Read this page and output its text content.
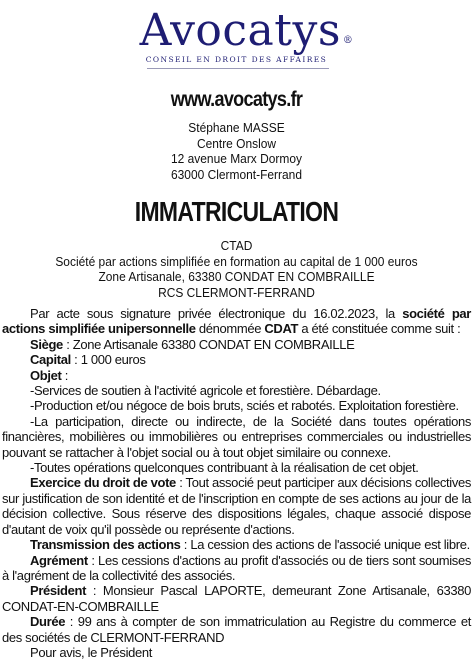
Avocatys ®
CONSEIL EN DROIT DES AFFAIRES
www.avocatys.fr
Stéphane MASSE
Centre Onslow
12 avenue Marx Dormoy
63000 Clermont-Ferrand
IMMATRICULATION
CTAD
Société par actions simplifiée en formation au capital de 1 000 euros
Zone Artisanale, 63380 CONDAT EN COMBRAILLE
RCS CLERMONT-FERRAND

Par acte sous signature privée électronique du 16.02.2023, la société par actions simplifiée unipersonnelle dénommée CDAT a été constituée comme suit :

Siège : Zone Artisanale 63380 CONDAT EN COMBRAILLE

Capital : 1 000 euros

Objet :

-Services de soutien à l'activité agricole et forestière. Débardage.

-Production et/ou négoce de bois bruts, sciés et rabotés. Exploitation forestière.

-La participation, directe ou indirecte, de la Société dans toutes opérations financières, mobilières ou immobilières ou entreprises commerciales ou industrielles pouvant se rattacher à l'objet social ou à tout objet similaire ou connexe.

-Toutes opérations quelconques contribuant à la réalisation de cet objet.

Exercice du droit de vote : Tout associé peut participer aux décisions collectives sur justification de son identité et de l'inscription en compte de ses actions au jour de la décision collective. Sous réserve des dispositions légales, chaque associé dispose d'autant de voix qu'il possède ou représente d'actions.

Transmission des actions : La cession des actions de l'associé unique est libre.

Agrément : Les cessions d'actions au profit d'associés ou de tiers sont soumises à l'agrément de la collectivité des associés.

Président : Monsieur Pascal LAPORTE, demeurant Zone Artisanale, 63380 CONDAT-EN-COMBRAILLE

Durée : 99 ans à compter de son immatriculation au Registre du commerce et des sociétés de CLERMONT-FERRAND

Pour avis, le Président
